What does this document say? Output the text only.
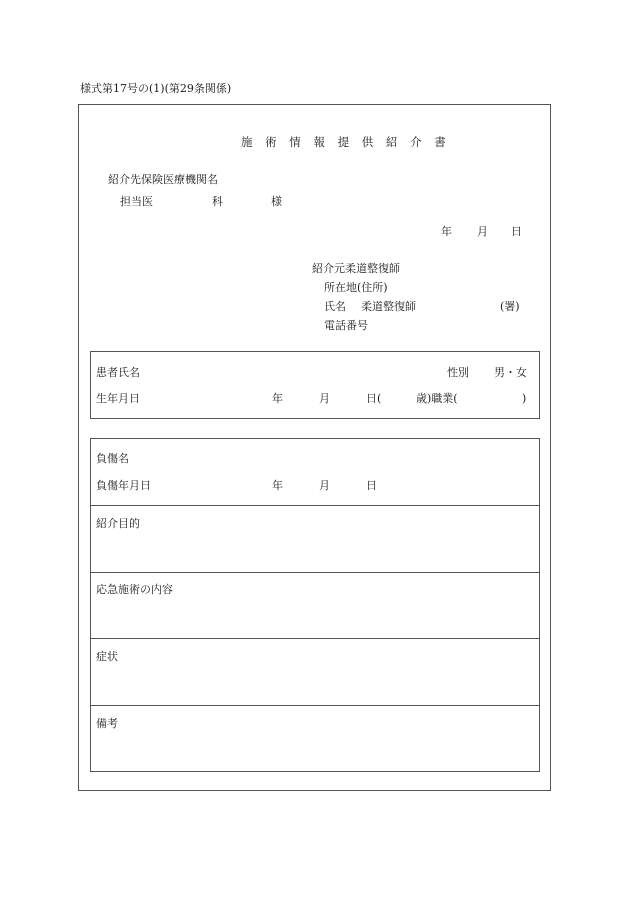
様式第17号の(1)(第29条関係)
施 術 情 報 提 供 紹 介 書
紹介先保険医療機関名
担当医	科	様
年 月 日
紹介元柔道整復師
所在地(住所)
氏名 柔道整復師	(署)
電話番号
患者氏名	性別 男・女
生年月日	年	月	日(	歳)職業(	)
負傷名
負傷年月日	年	月	日
紹介目的
応急施術の内容
症状
備考
